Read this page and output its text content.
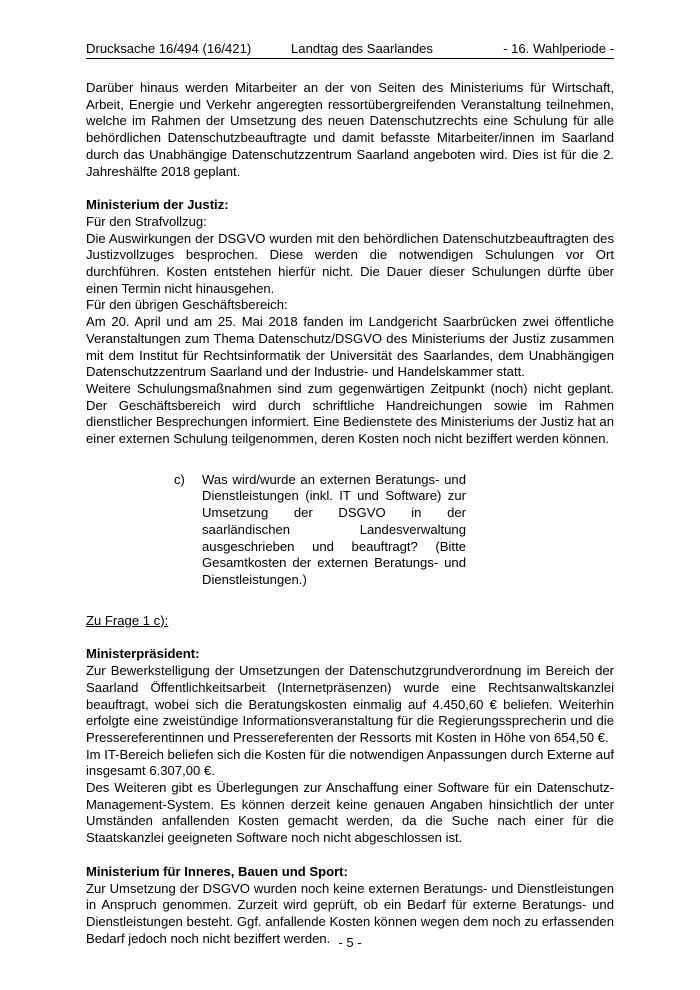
Drucksache 16/494 (16/421)	Landtag des Saarlandes	- 16. Wahlperiode -

Darüber hinaus werden Mitarbeiter an der von Seiten des Ministeriums für Wirtschaft, Arbeit, Energie und Verkehr angeregten ressortübergreifenden Veranstaltung teilnehmen, welche im Rahmen der Umsetzung des neuen Datenschutzrechts eine Schulung für alle behördlichen Datenschutzbeauftragte und damit befasste Mitarbeiter/innen im Saarland durch das Unabhängige Datenschutzzentrum Saarland angeboten wird. Dies ist für die 2. Jahreshälfte 2018 geplant.

Ministerium der Justiz:

Für den Strafvollzug:

Die Auswirkungen der DSGVO wurden mit den behördlichen Datenschutzbeauftragten des Justizvollzuges besprochen. Diese werden die notwendigen Schulungen vor Ort durchführen. Kosten entstehen hierfür nicht. Die Dauer dieser Schulungen dürfte über einen Termin nicht hinausgehen.

Für den übrigen Geschäftsbereich:

Am 20. April und am 25. Mai 2018 fanden im Landgericht Saarbrücken zwei öffentliche Veranstaltungen zum Thema Datenschutz/DSGVO des Ministeriums der Justiz zusammen mit dem Institut für Rechtsinformatik der Universität des Saarlandes, dem Unabhängigen Datenschutzzentrum Saarland und der Industrie- und Handelskammer statt.

Weitere Schulungsmaßnahmen sind zum gegenwärtigen Zeitpunkt (noch) nicht geplant. Der Geschäftsbereich wird durch schriftliche Handreichungen sowie im Rahmen dienstlicher Besprechungen informiert. Eine Bedienstete des Ministeriums der Justiz hat an einer externen Schulung teilgenommen, deren Kosten noch nicht beziffert werden können.

c) Was wird/wurde an externen Beratungs- und Dienstleistungen (inkl. IT und Software) zur Umsetzung der DSGVO in der saarländischen Landesverwaltung ausgeschrieben und beauftragt? (Bitte Gesamtkosten der externen Beratungs- und Dienstleistungen.)

Zu Frage 1 c):

Ministerpräsident:

Zur Bewerkstelligung der Umsetzungen der Datenschutzgrundverordnung im Bereich der Saarland Öffentlichkeitsarbeit (Internetpräsenzen) wurde eine Rechtsanwaltskanzlei beauftragt, wobei sich die Beratungskosten einmalig auf 4.450,60 € beliefen. Weiterhin erfolgte eine zweistündige Informationsveranstaltung für die Regierungssprecherin und die Pressereferentinnen und Pressereferenten der Ressorts mit Kosten in Höhe von 654,50 €.

Im IT-Bereich beliefen sich die Kosten für die notwendigen Anpassungen durch Externe auf insgesamt 6.307,00 €.

Des Weiteren gibt es Überlegungen zur Anschaffung einer Software für ein Datenschutz-Management-System. Es können derzeit keine genauen Angaben hinsichtlich der unter Umständen anfallenden Kosten gemacht werden, da die Suche nach einer für die Staatskanzlei geeigneten Software noch nicht abgeschlossen ist.

Ministerium für Inneres, Bauen und Sport:

Zur Umsetzung der DSGVO wurden noch keine externen Beratungs- und Dienstleistungen in Anspruch genommen. Zurzeit wird geprüft, ob ein Bedarf für externe Beratungs- und Dienstleistungen besteht. Ggf. anfallende Kosten können wegen dem noch zu erfassenden Bedarf jedoch noch nicht beziffert werden. - 5 -
